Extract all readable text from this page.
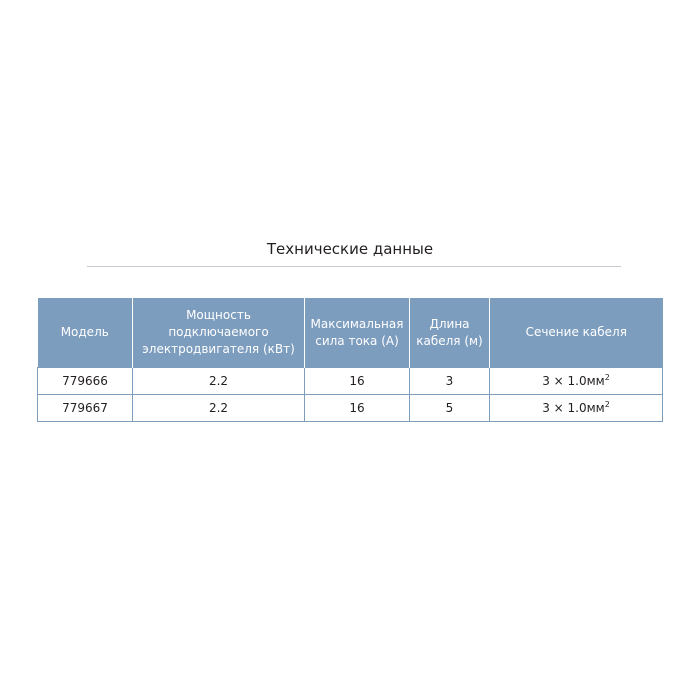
Технические данные
Модель	Мощность подключаемого электродвигателя (кВт)	Максимальная сила тока (А)	Длина кабеля (м)	Сечение кабеля
779666	2.2	16	3	$3 \times 1.0мм^2$
779667	2.2	16	5	$3 \times 1.0мм^2$
